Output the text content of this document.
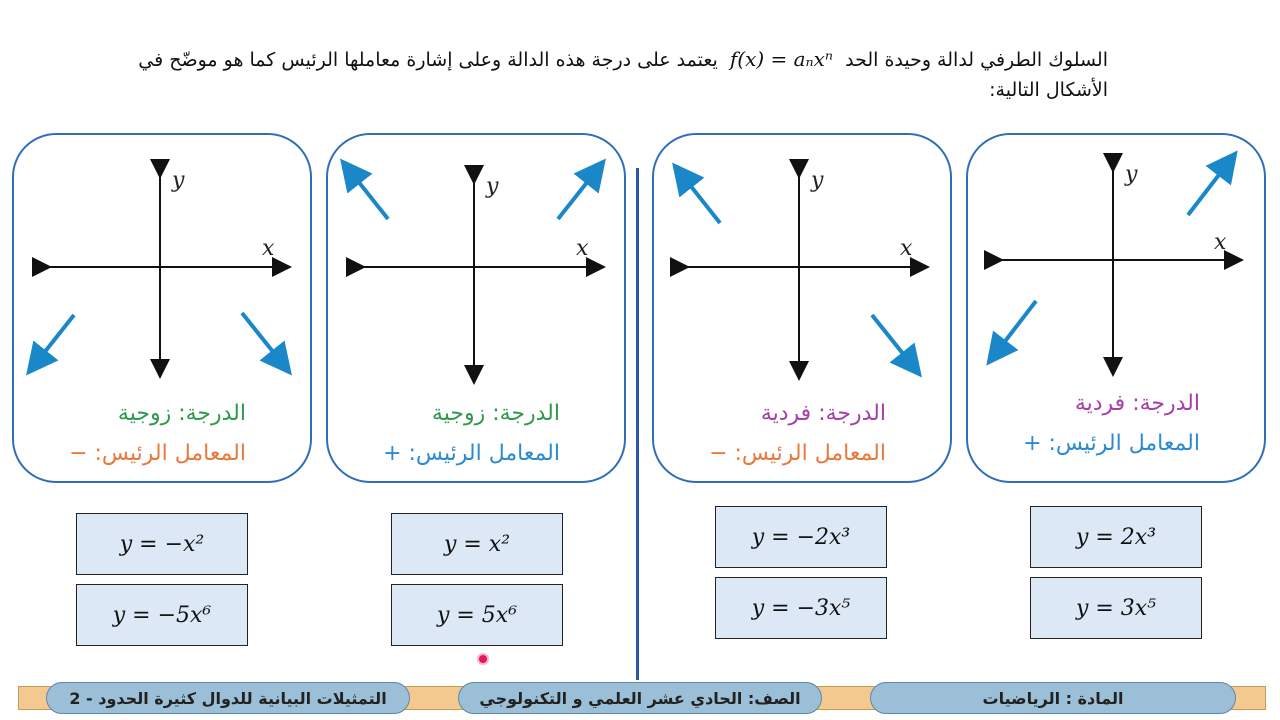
السلوك الطرفي لدالة وحيدة الحد f(x) = aₙxⁿ يعتمد على درجة هذه الدالة وعلى إشارة معاملها الرئيس كما هو موضّح في الأشكال التالية:
y
x
الدرجة: فردية
المعامل الرئيس: +
y
x
الدرجة: فردية
المعامل الرئيس: −
y
x
الدرجة: زوجية
المعامل الرئيس: +
y
x
الدرجة: زوجية
المعامل الرئيس: −
y = 2x³
y = 3x⁵
y = −2x³
y = −3x⁵
y = x²
y = 5x⁶
y = −x²
y = −5x⁶
المادة : الرياضيات
الصف: الحادي عشر العلمي و التكنولوجي
التمثيلات البيانية للدوال كثيرة الحدود - 2
